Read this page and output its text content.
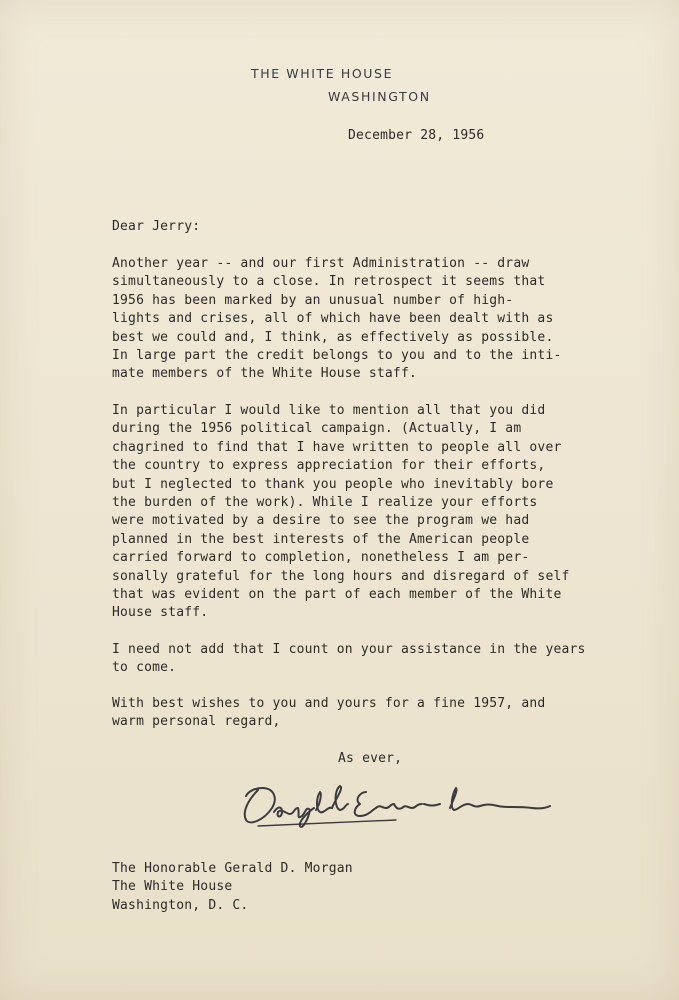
THE WHITE HOUSE
WASHINGTON
December 28, 1956
Dear Jerry:
Another year -- and our first Administration -- draw
simultaneously to a close. In retrospect it seems that
1956 has been marked by an unusual number of high-
lights and crises, all of which have been dealt with as
best we could and, I think, as effectively as possible.
In large part the credit belongs to you and to the inti-
mate members of the White House staff.
In particular I would like to mention all that you did
during the 1956 political campaign. (Actually, I am
chagrined to find that I have written to people all over
the country to express appreciation for their efforts,
but I neglected to thank you people who inevitably bore
the burden of the work). While I realize your efforts
were motivated by a desire to see the program we had
planned in the best interests of the American people
carried forward to completion, nonetheless I am per-
sonally grateful for the long hours and disregard of self
that was evident on the part of each member of the White
House staff.
I need not add that I count on your assistance in the years
to come.
With best wishes to you and yours for a fine 1957, and
warm personal regard,
As ever,
The Honorable Gerald D. Morgan
The White House
Washington, D. C.
